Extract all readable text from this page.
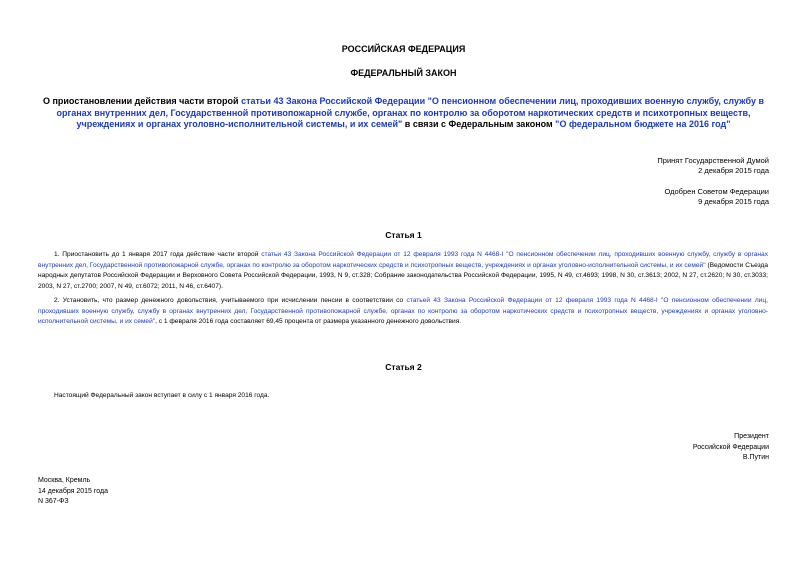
РОССИЙСКАЯ ФЕДЕРАЦИЯ
ФЕДЕРАЛЬНЫЙ ЗАКОН
О приостановлении действия части второй статьи 43 Закона Российской Федерации "О пенсионном обеспечении лиц, проходивших военную службу, службу в органах внутренних дел, Государственной противопожарной службе, органах по контролю за оборотом наркотических средств и психотропных веществ, учреждениях и органах уголовно-исполнительной системы, и их семей" в связи с Федеральным законом "О федеральном бюджете на 2016 год"
Принят Государственной Думой
2 декабря 2015 года
Одобрен Советом Федерации
9 декабря 2015 года
Статья 1
1. Приостановить до 1 января 2017 года действие части второй статьи 43 Закона Российской Федерации от 12 февраля 1993 года N 4468-I "О пенсионном обеспечении лиц, проходивших военную службу, службу в органах внутренних дел, Государственной противопожарной службе, органах по контролю за оборотом наркотических средств и психотропных веществ, учреждениях и органах уголовно-исполнительной системы, и их семей" (Ведомости Съезда народных депутатов Российской Федерации и Верховного Совета Российской Федерации, 1993, N 9, ст.328; Собрание законодательства Российской Федерации, 1995, N 49, ст.4693; 1998, N 30, ст.3613; 2002, N 27, ст.2620; N 30, ст.3033; 2003, N 27, ст.2700; 2007, N 49, ст.6072; 2011, N 46, ст.6407).
2. Установить, что размер денежного довольствия, учитываемого при исчислении пенсии в соответствии со статьей 43 Закона Российской Федерации от 12 февраля 1993 года N 4468-I "О пенсионном обеспечении лиц, проходивших военную службу, службу в органах внутренних дел, Государственной противопожарной службе, органах по контролю за оборотом наркотических средств и психотропных веществ, учреждениях и органах уголовно-исполнительной системы, и их семей", с 1 февраля 2016 года составляет 69,45 процента от размера указанного денежного довольствия.
Статья 2
Настоящий Федеральный закон вступает в силу с 1 января 2016 года.
Президент
Российской Федерации
В.Путин
Москва, Кремль
14 декабря 2015 года
N 367-ФЗ
